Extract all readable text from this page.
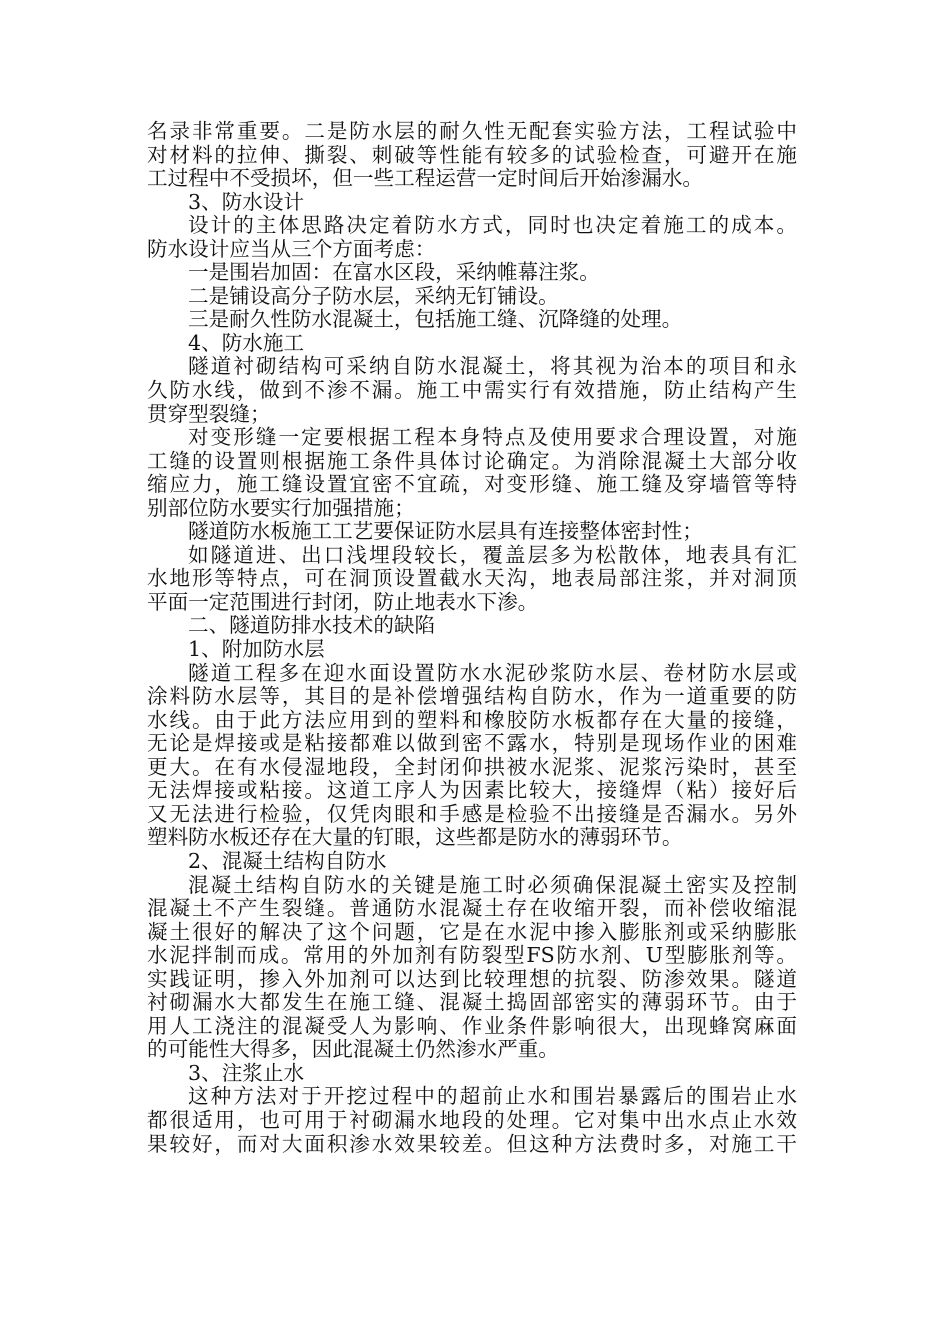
名录非常重要。二是防水层的耐久性无配套实验方法，工程试验中
对材料的拉伸、撕裂、刺破等性能有较多的试验检查，可避开在施
工过程中不受损坏，但一些工程运营一定时间后开始渗漏水。
3、防水设计
设计的主体思路决定着防水方式，同时也决定着施工的成本。
防水设计应当从三个方面考虑：
一是围岩加固：在富水区段，采纳帷幕注浆。
二是铺设高分子防水层，采纳无钉铺设。
三是耐久性防水混凝土，包括施工缝、沉降缝的处理。
4、防水施工
隧道衬砌结构可采纳自防水混凝土，将其视为治本的项目和永
久防水线，做到不渗不漏。施工中需实行有效措施，防止结构产生
贯穿型裂缝；
对变形缝一定要根据工程本身特点及使用要求合理设置，对施
工缝的设置则根据施工条件具体讨论确定。为消除混凝土大部分收
缩应力，施工缝设置宜密不宜疏，对变形缝、施工缝及穿墙管等特
别部位防水要实行加强措施；
隧道防水板施工工艺要保证防水层具有连接整体密封性；
如隧道进、出口浅埋段较长，覆盖层多为松散体，地表具有汇
水地形等特点，可在洞顶设置截水天沟，地表局部注浆，并对洞顶
平面一定范围进行封闭，防止地表水下渗。
二、隧道防排水技术的缺陷
1、附加防水层
隧道工程多在迎水面设置防水水泥砂浆防水层、卷材防水层或
涂料防水层等，其目的是补偿增强结构自防水，作为一道重要的防
水线。由于此方法应用到的塑料和橡胶防水板都存在大量的接缝，
无论是焊接或是粘接都难以做到密不露水，特别是现场作业的困难
更大。在有水侵湿地段，全封闭仰拱被水泥浆、泥浆污染时，甚至
无法焊接或粘接。这道工序人为因素比较大，接缝焊（粘）接好后
又无法进行检验，仅凭肉眼和手感是检验不出接缝是否漏水。另外
塑料防水板还存在大量的钉眼，这些都是防水的薄弱环节。
2、混凝土结构自防水
混凝土结构自防水的关键是施工时必须确保混凝土密实及控制
混凝土不产生裂缝。普通防水混凝土存在收缩开裂，而补偿收缩混
凝土很好的解决了这个问题，它是在水泥中掺入膨胀剂或采纳膨胀
水泥拌制而成。常用的外加剂有防裂型FS防水剂、U型膨胀剂等。
实践证明，掺入外加剂可以达到比较理想的抗裂、防渗效果。隧道
衬砌漏水大都发生在施工缝、混凝土捣固部密实的薄弱环节。由于
用人工浇注的混凝受人为影响、作业条件影响很大，出现蜂窝麻面
的可能性大得多，因此混凝土仍然渗水严重。
3、注浆止水
这种方法对于开挖过程中的超前止水和围岩暴露后的围岩止水
都很适用，也可用于衬砌漏水地段的处理。它对集中出水点止水效
果较好，而对大面积渗水效果较差。但这种方法费时多，对施工干
